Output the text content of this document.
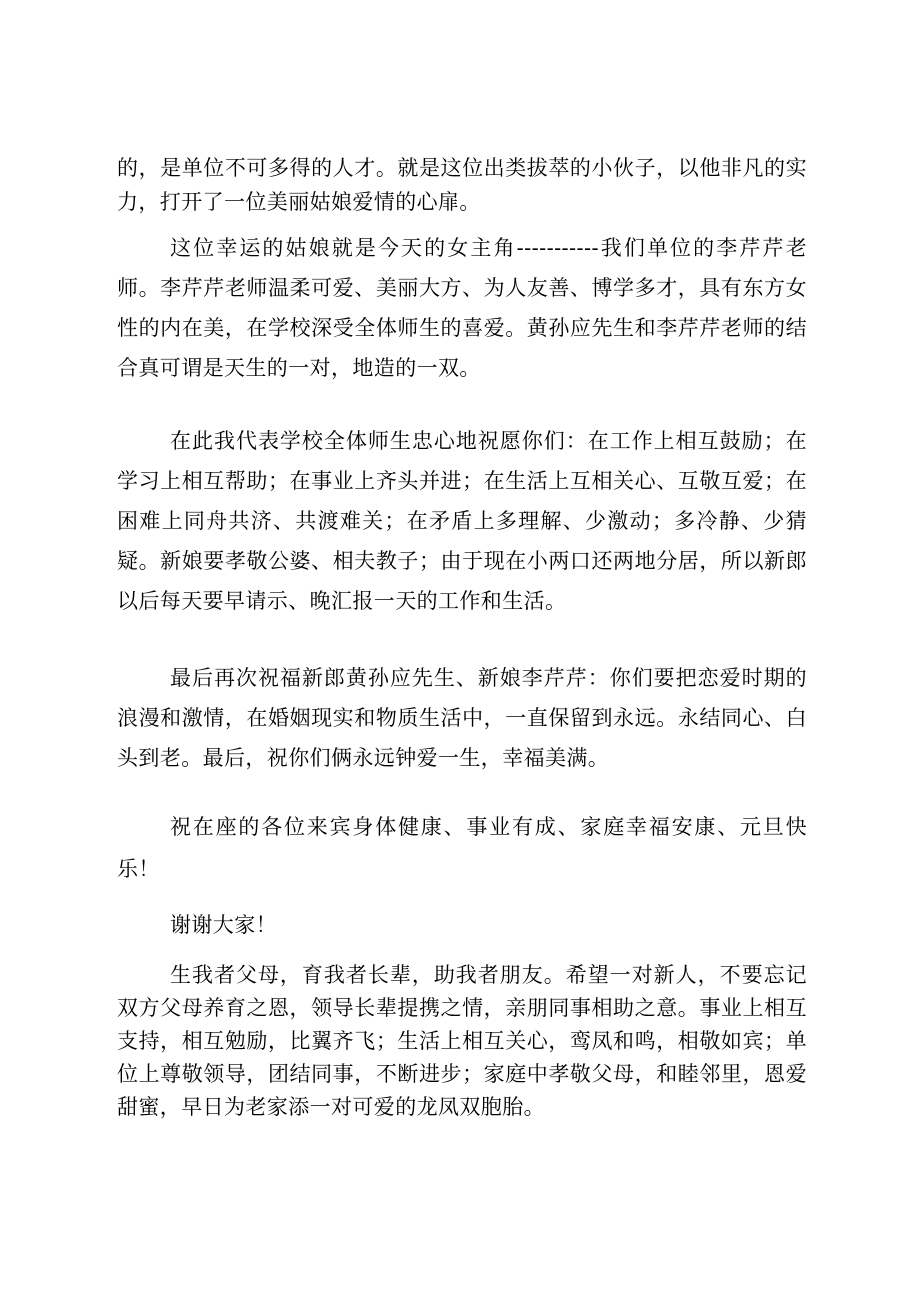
的，是单位不可多得的人才。就是这位出类拔萃的小伙子，以他非凡的实力，打开了一位美丽姑娘爱情的心扉。

这位幸运的姑娘就是今天的女主角-----------我们单位的李芹芹老师。李芹芹老师温柔可爱、美丽大方、为人友善、博学多才，具有东方女性的内在美，在学校深受全体师生的喜爱。黄孙应先生和李芹芹老师的结合真可谓是天生的一对，地造的一双。

在此我代表学校全体师生忠心地祝愿你们：在工作上相互鼓励；在学习上相互帮助；在事业上齐头并进；在生活上互相关心、互敬互爱；在困难上同舟共济、共渡难关；在矛盾上多理解、少激动；多冷静、少猜疑。新娘要孝敬公婆、相夫教子；由于现在小两口还两地分居，所以新郎以后每天要早请示、晚汇报一天的工作和生活。

最后再次祝福新郎黄孙应先生、新娘李芹芹：你们要把恋爱时期的浪漫和激情，在婚姻现实和物质生活中，一直保留到永远。永结同心、白头到老。最后，祝你们俩永远钟爱一生，幸福美满。

祝在座的各位来宾身体健康、事业有成、家庭幸福安康、元旦快乐！

谢谢大家！

生我者父母，育我者长辈，助我者朋友。希望一对新人，不要忘记双方父母养育之恩，领导长辈提携之情，亲朋同事相助之意。事业上相互支持，相互勉励，比翼齐飞；生活上相互关心，鸾凤和鸣，相敬如宾；单位上尊敬领导，团结同事，不断进步；家庭中孝敬父母，和睦邻里，恩爱甜蜜，早日为老家添一对可爱的龙凤双胞胎。
